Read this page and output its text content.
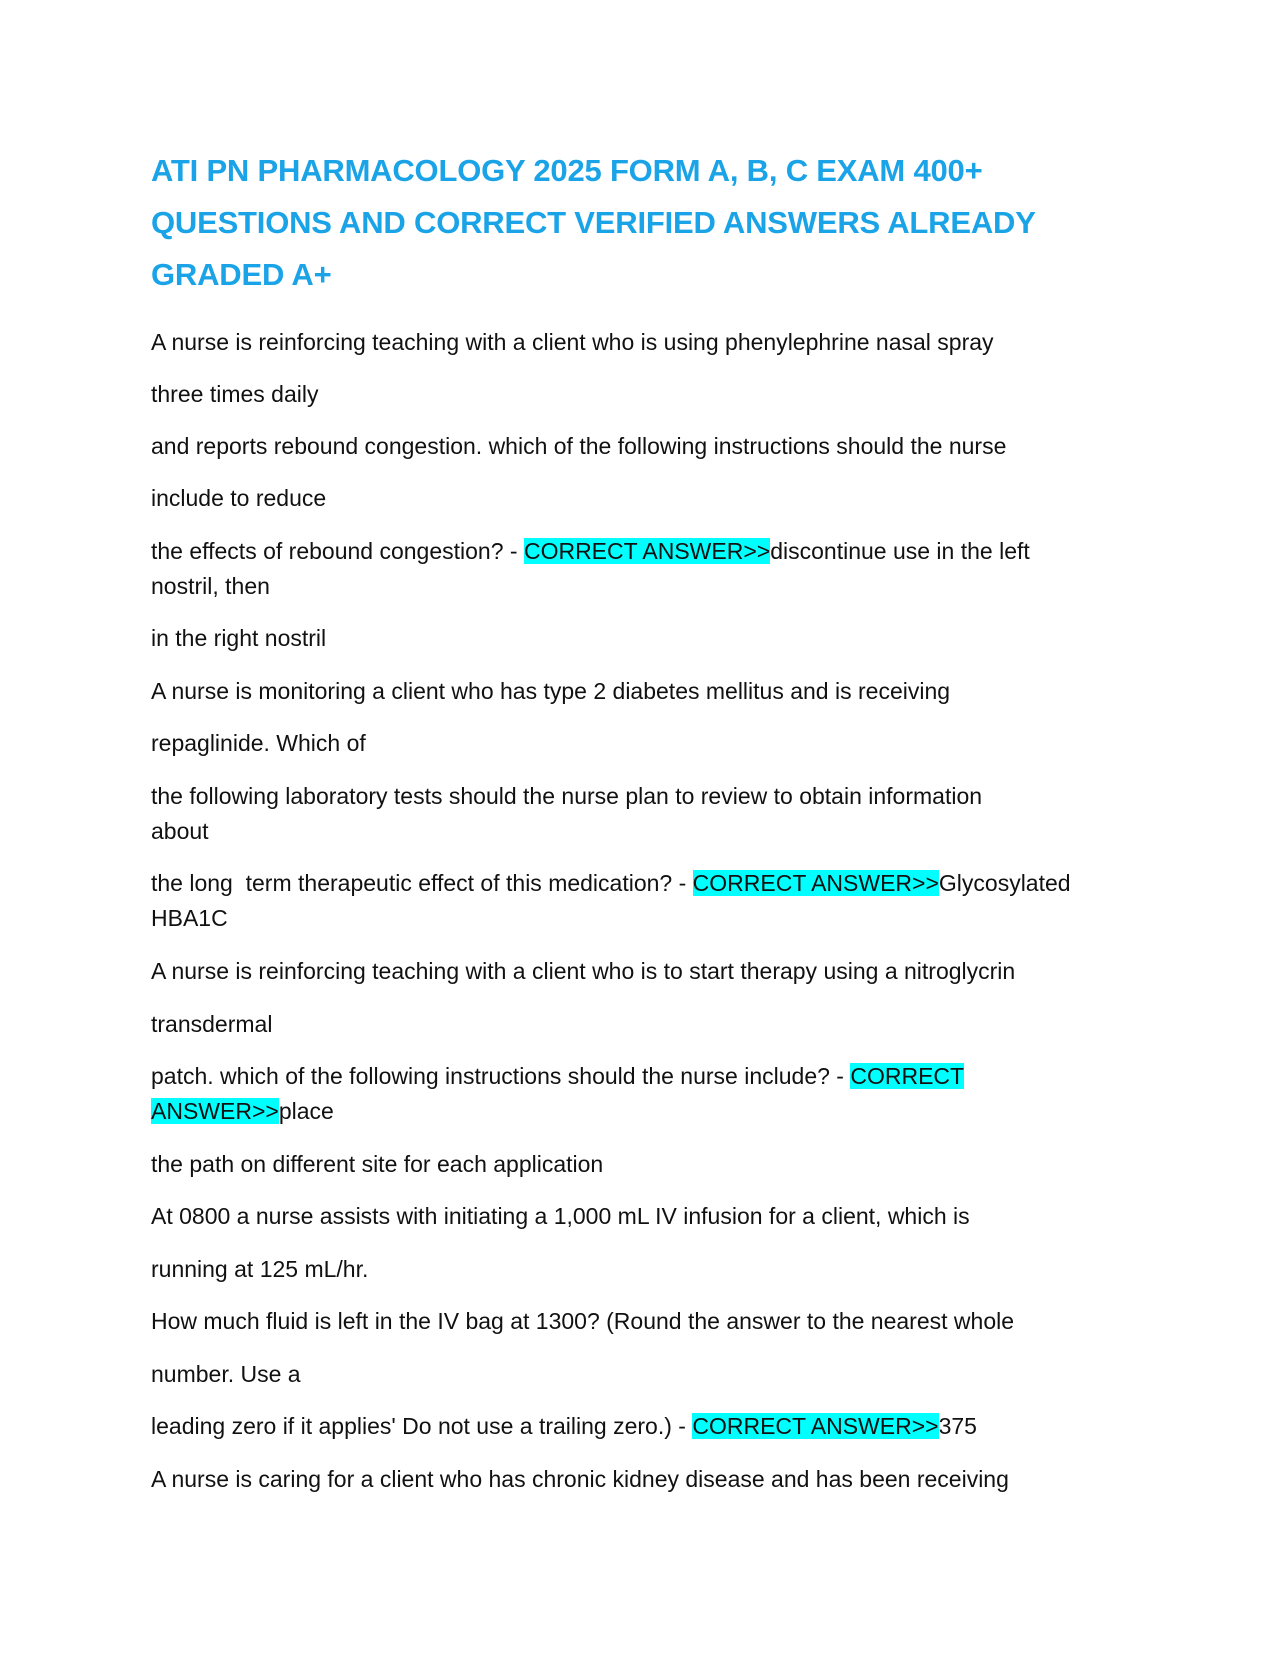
ATI PN PHARMACOLOGY 2025 FORM A, B, C EXAM 400+
QUESTIONS AND CORRECT VERIFIED ANSWERS ALREADY
GRADED A+
A nurse is reinforcing teaching with a client who is using phenylephrine nasal spray
three times daily
and reports rebound congestion. which of the following instructions should the nurse
include to reduce
the effects of rebound congestion? - CORRECT ANSWER>>discontinue use in the left
nostril, then
in the right nostril
A nurse is monitoring a client who has type 2 diabetes mellitus and is receiving
repaglinide. Which of
the following laboratory tests should the nurse plan to review to obtain information
about
the long  term therapeutic effect of this medication? - CORRECT ANSWER>>Glycosylated
HBA1C
A nurse is reinforcing teaching with a client who is to start therapy using a nitroglycrin
transdermal
patch. which of the following instructions should the nurse include? - CORRECT
ANSWER>>place
the path on different site for each application
At 0800 a nurse assists with initiating a 1,000 mL IV infusion for a client, which is
running at 125 mL/hr.
How much fluid is left in the IV bag at 1300? (Round the answer to the nearest whole
number. Use a
leading zero if it applies' Do not use a trailing zero.) - CORRECT ANSWER>>375
A nurse is caring for a client who has chronic kidney disease and has been receiving
